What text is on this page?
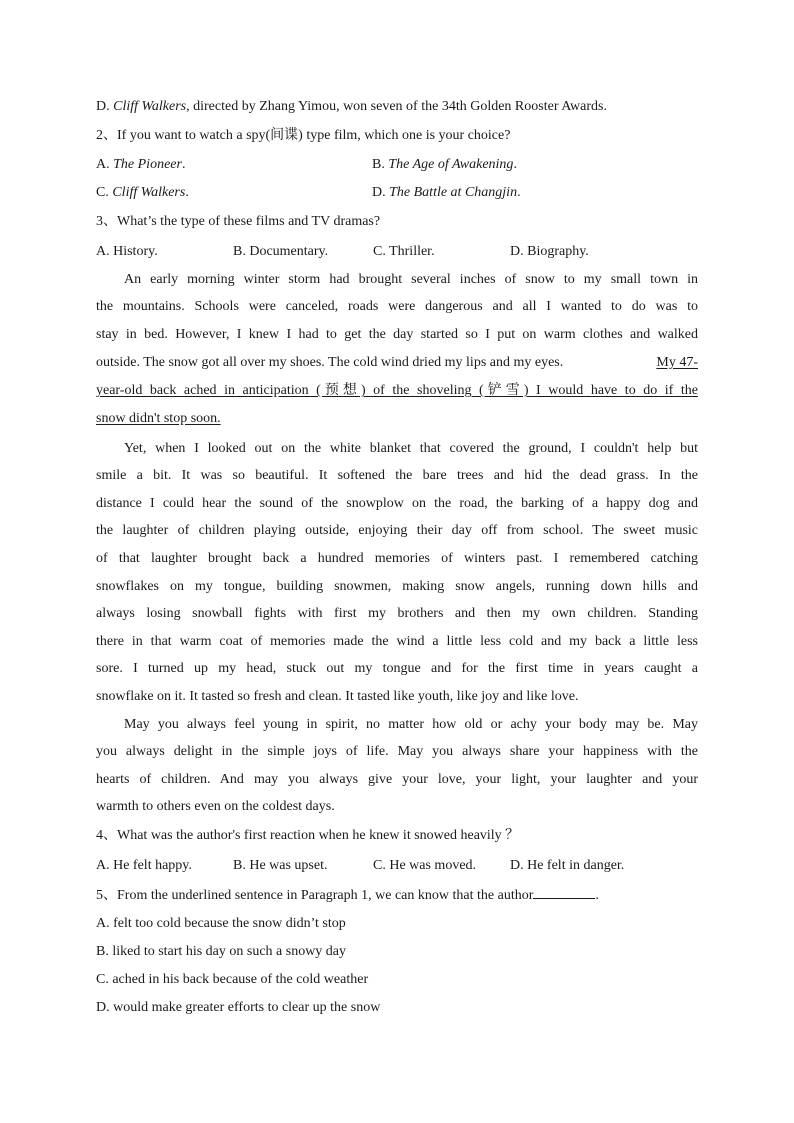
D. Cliff Walkers, directed by Zhang Yimou, won seven of the 34th Golden Rooster Awards.
2、If you want to watch a spy(间谍) type film, which one is your choice?
A. The Pioneer.	B. The Age of Awakening.
C. Cliff Walkers.	D. The Battle at Changjin.
3、What’s the type of these films and TV dramas?
A. History.	B. Documentary.	C. Thriller.	D. Biography.
An early morning winter storm had brought several inches of snow to my small town in
the mountains. Schools were canceled, roads were dangerous and all I wanted to do was to
stay in bed. However, I knew I had to get the day started so I put on warm clothes and walked
outside. The snow got all over my shoes. The cold wind dried my lips and my eyes.	My 47-
year-old back ached in anticipation (预想) of the shoveling (铲雪) I would have to do if the
snow didn't stop soon.
Yet, when I looked out on the white blanket that covered the ground, I couldn't help but
smile a bit. It was so beautiful. It softened the bare trees and hid the dead grass. In the
distance I could hear the sound of the snowplow on the road, the barking of a happy dog and
the laughter of children playing outside, enjoying their day off from school. The sweet music
of that laughter brought back a hundred memories of winters past. I remembered catching
snowflakes on my tongue, building snowmen, making snow angels, running down hills and
always losing snowball fights with first my brothers and then my own children. Standing
there in that warm coat of memories made the wind a little less cold and my back a little less
sore. I turned up my head, stuck out my tongue and for the first time in years caught a
snowflake on it. It tasted so fresh and clean. It tasted like youth, like joy and like love.
May you always feel young in spirit, no matter how old or achy your body may be. May
you always delight in the simple joys of life. May you always share your happiness with the
hearts of children. And may you always give your love, your light, your laughter and your
warmth to others even on the coldest days.
4、What was the author's first reaction when he knew it snowed heavily ？
A. He felt happy.	B. He was upset.	C. He was moved. D. He felt in danger.
5、From the underlined sentence in Paragraph 1, we can know that the author	.
A. felt too cold because the snow didn’t stop
B. liked to start his day on such a snowy day
C. ached in his back because of the cold weather
D. would make greater efforts to clear up the snow
